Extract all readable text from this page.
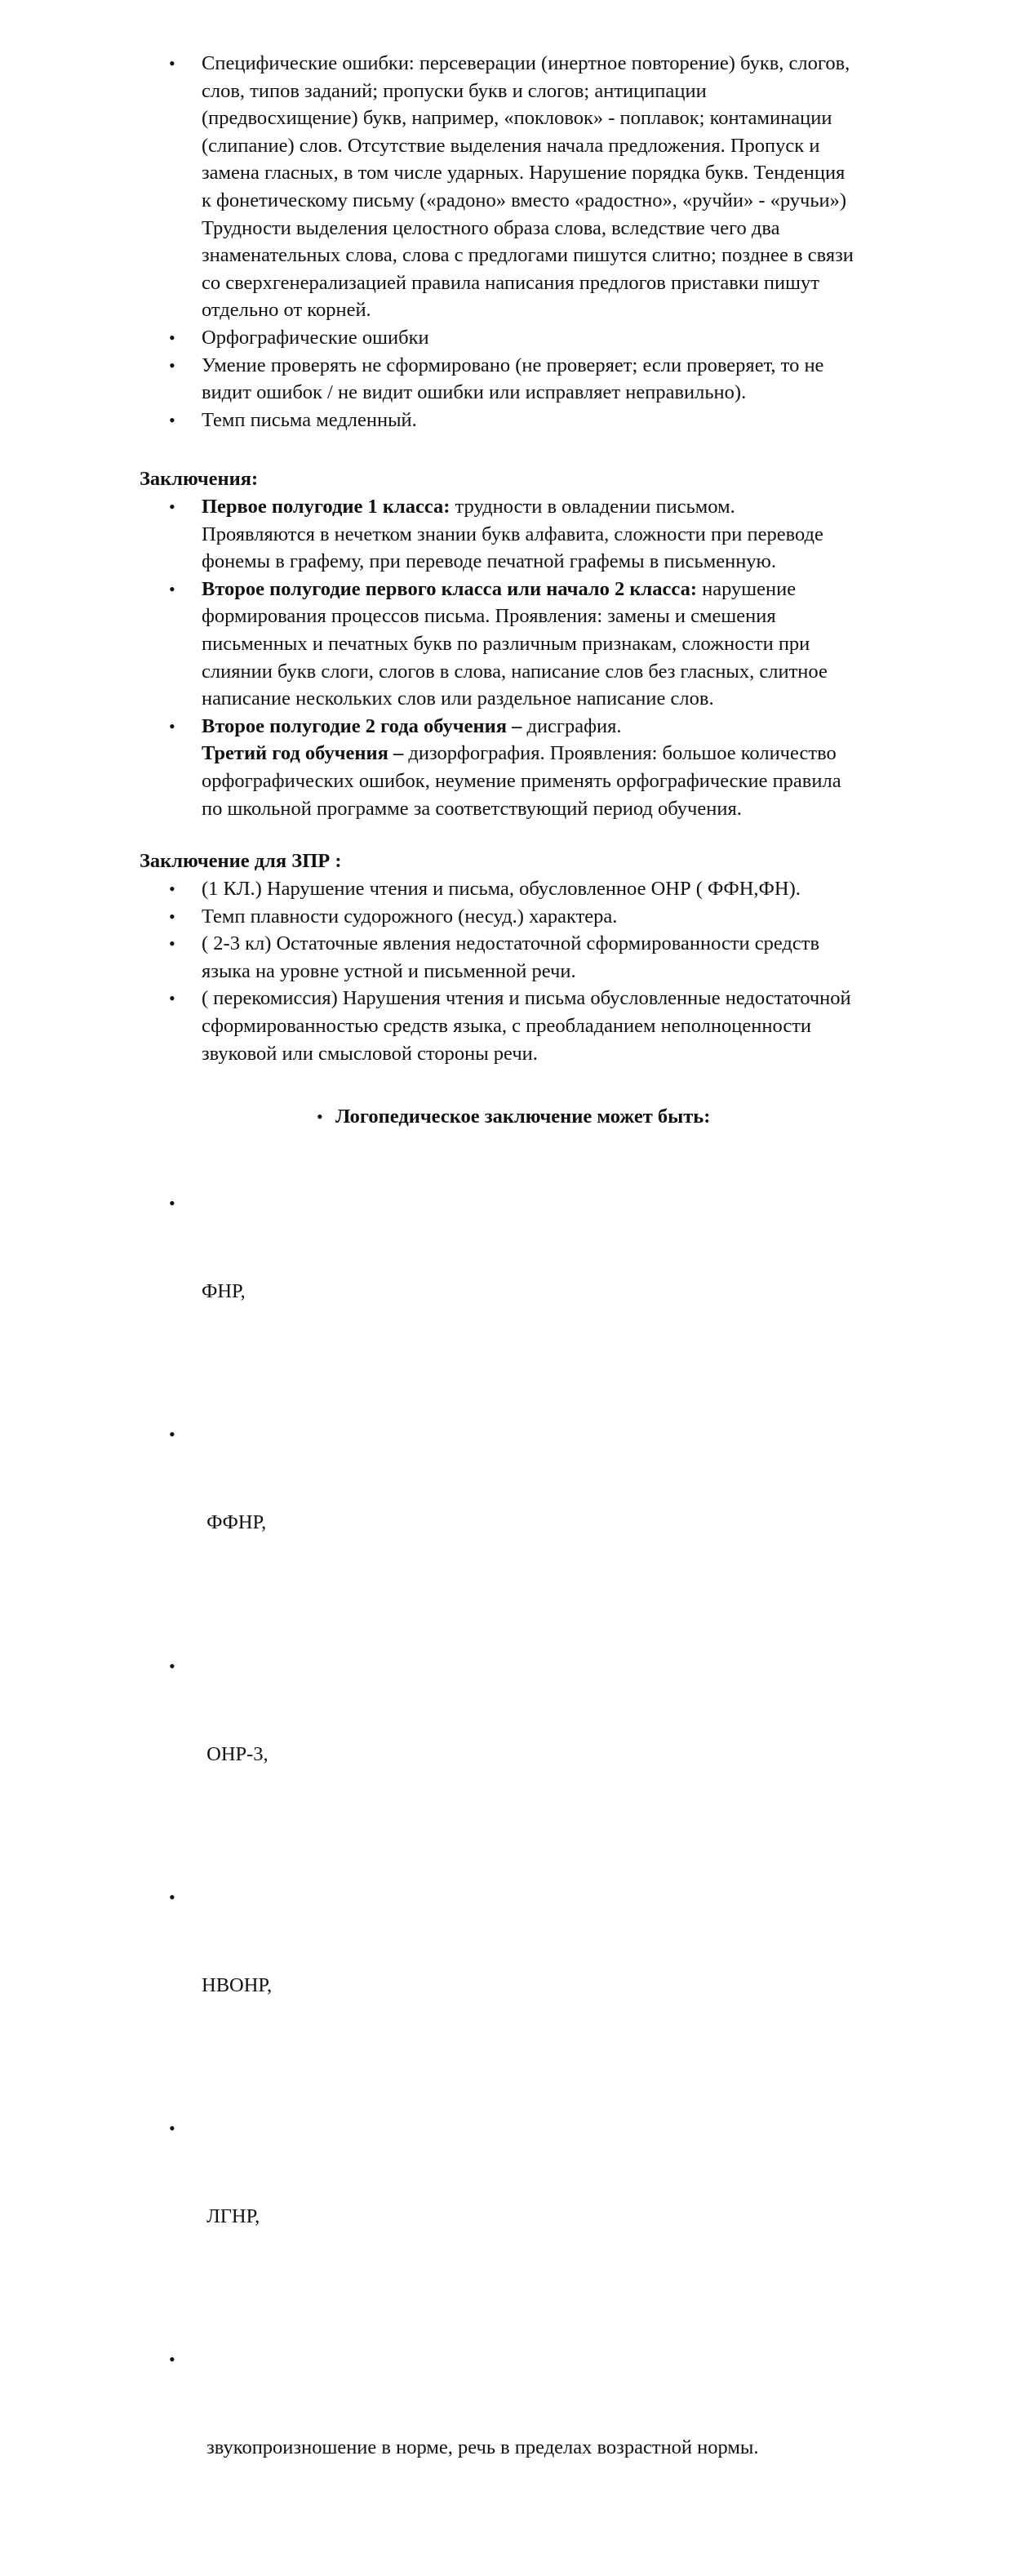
• Специфические ошибки: персеверации (инертное повторение) букв, слогов,
слов, типов заданий; пропуски букв и слогов; антиципации
(предвосхищение) букв, например, «покловок» - поплавок; контаминации
(слипание) слов. Отсутствие выделения начала предложения. Пропуск и
замена гласных, в том числе ударных. Нарушение порядка букв. Тенденция
к фонетическому письму («радоно» вместо «радостно», «ручйи» - «ручьи»)
Трудности выделения целостного образа слова, вследствие чего два
знаменательных слова, слова с предлогами пишутся слитно; позднее в связи
со сверхгенерализацией правила написания предлогов приставки пишут
отдельно от корней.
• Орфографические ошибки
• Умение проверять не сформировано (не проверяет; если проверяет, то не
видит ошибок / не видит ошибки или исправляет неправильно).
• Темп письма медленный.
Заключения:
• Первое полугодие 1 класса: трудности в овладении письмом.
Проявляются в нечетком знании букв алфавита, сложности при переводе
фонемы в графему, при переводе печатной графемы в письменную.
• Второе полугодие первого класса или начало 2 класса: нарушение
формирования процессов письма. Проявления: замены и смешения
письменных и печатных букв по различным признакам, сложности при
слиянии букв слоги, слогов в слова, написание слов без гласных, слитное
написание нескольких слов или раздельное написание слов.
• Второе полугодие 2 года обучения – дисграфия.
Третий год обучения – дизорфография. Проявления: большое количество
орфографических ошибок, неумение применять орфографические правила
по школьной программе за соответствующий период обучения.
Заключение для ЗПР :
• (1 КЛ.) Нарушение чтения и письма, обусловленное ОНР ( ФФН,ФН).
• Темп плавности судорожного (несуд.) характера.
• ( 2-3 кл) Остаточные явления недостаточной сформированности средств
языка на уровне устной и письменной речи.
• ( перекомиссия) Нарушения чтения и письма обусловленные недостаточной
сформированностью средств языка, с преобладанием неполноценности
звуковой или смысловой стороны речи.
• Логопедическое заключение может быть:

•

ФНР,

•

ФФНР,

•

ОНР-3,

•

НВОНР,

•

ЛГНР,

•

звукопроизношение в норме, речь в пределах возрастной нормы.
